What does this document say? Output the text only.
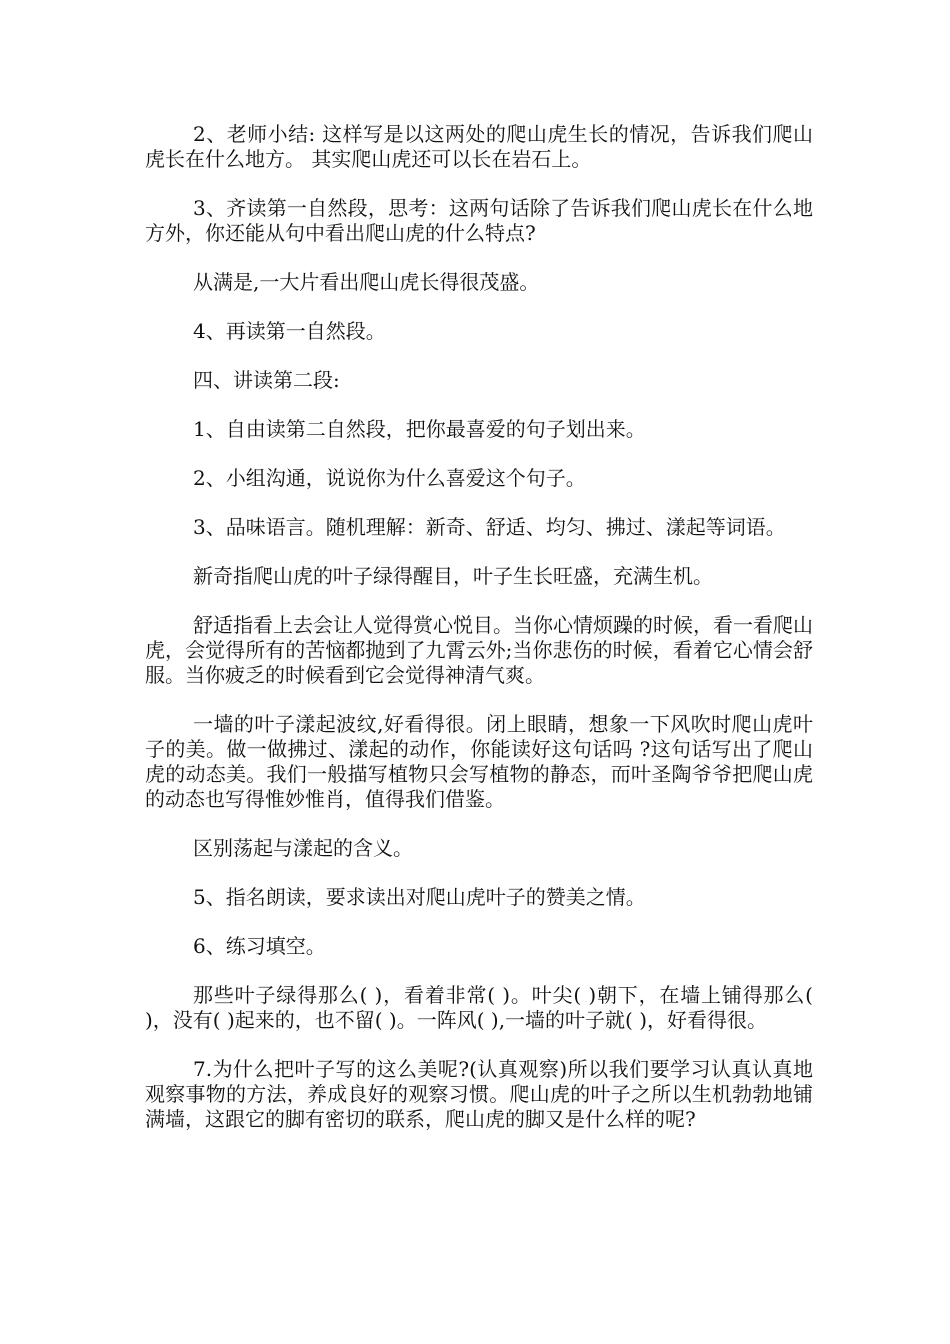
2、老师小结: 这样写是以这两处的爬山虎生长的情况，告诉我们爬山虎长在什么地方。 其实爬山虎还可以长在岩石上。

3、齐读第一自然段，思考：这两句话除了告诉我们爬山虎长在什么地方外，你还能从句中看出爬山虎的什么特点?

从满是,一大片看出爬山虎长得很茂盛。

4、再读第一自然段。

四、讲读第二段:

1、自由读第二自然段，把你最喜爱的句子划出来。

2、小组沟通，说说你为什么喜爱这个句子。

3、品味语言。随机理解：新奇、舒适、均匀、拂过、漾起等词语。

新奇指爬山虎的叶子绿得醒目，叶子生长旺盛，充满生机。

舒适指看上去会让人觉得赏心悦目。当你心情烦躁的时候，看一看爬山虎，会觉得所有的苦恼都抛到了九霄云外;当你悲伤的时候，看着它心情会舒服。当你疲乏的时候看到它会觉得神清气爽。

一墙的叶子漾起波纹,好看得很。闭上眼睛，想象一下风吹时爬山虎叶子的美。做一做拂过、漾起的动作，你能读好这句话吗 ?这句话写出了爬山虎的动态美。我们一般描写植物只会写植物的静态，而叶圣陶爷爷把爬山虎的动态也写得惟妙惟肖，值得我们借鉴。

区别荡起与漾起的含义。

5、指名朗读，要求读出对爬山虎叶子的赞美之情。

6、练习填空。

那些叶子绿得那么( )，看着非常( )。叶尖( )朝下，在墙上铺得那么( )，没有( )起来的，也不留( )。一阵风( ),一墙的叶子就( )，好看得很。

7.为什么把叶子写的这么美呢?(认真观察)所以我们要学习认真认真地观察事物的方法，养成良好的观察习惯。爬山虎的叶子之所以生机勃勃地铺满墙，这跟它的脚有密切的联系，爬山虎的脚又是什么样的呢?
